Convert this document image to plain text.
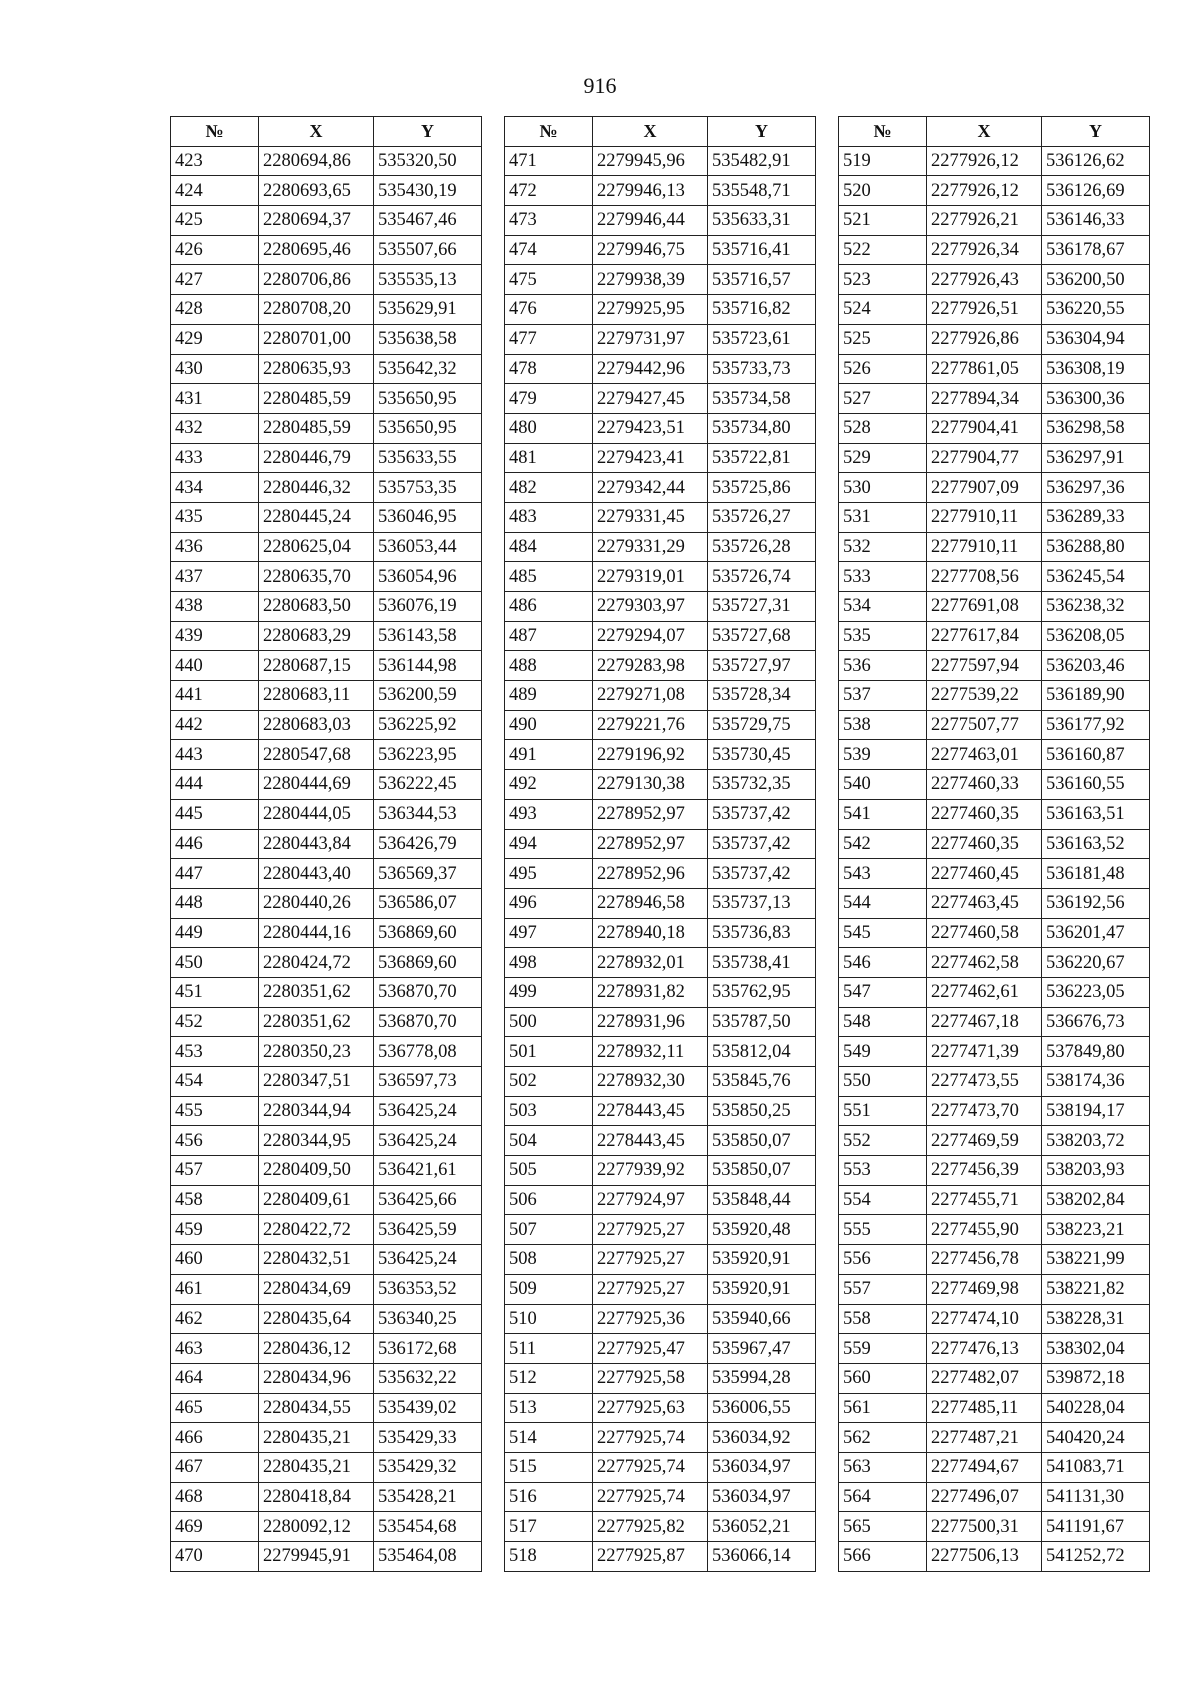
916
№	X	Y
423	2280694,86	535320,50
424	2280693,65	535430,19
425	2280694,37	535467,46
426	2280695,46	535507,66
427	2280706,86	535535,13
428	2280708,20	535629,91
429	2280701,00	535638,58
430	2280635,93	535642,32
431	2280485,59	535650,95
432	2280485,59	535650,95
433	2280446,79	535633,55
434	2280446,32	535753,35
435	2280445,24	536046,95
436	2280625,04	536053,44
437	2280635,70	536054,96
438	2280683,50	536076,19
439	2280683,29	536143,58
440	2280687,15	536144,98
441	2280683,11	536200,59
442	2280683,03	536225,92
443	2280547,68	536223,95
444	2280444,69	536222,45
445	2280444,05	536344,53
446	2280443,84	536426,79
447	2280443,40	536569,37
448	2280440,26	536586,07
449	2280444,16	536869,60
450	2280424,72	536869,60
451	2280351,62	536870,70
452	2280351,62	536870,70
453	2280350,23	536778,08
454	2280347,51	536597,73
455	2280344,94	536425,24
456	2280344,95	536425,24
457	2280409,50	536421,61
458	2280409,61	536425,66
459	2280422,72	536425,59
460	2280432,51	536425,24
461	2280434,69	536353,52
462	2280435,64	536340,25
463	2280436,12	536172,68
464	2280434,96	535632,22
465	2280434,55	535439,02
466	2280435,21	535429,33
467	2280435,21	535429,32
468	2280418,84	535428,21
469	2280092,12	535454,68
470	2279945,91	535464,08
№	X	Y
471	2279945,96	535482,91
472	2279946,13	535548,71
473	2279946,44	535633,31
474	2279946,75	535716,41
475	2279938,39	535716,57
476	2279925,95	535716,82
477	2279731,97	535723,61
478	2279442,96	535733,73
479	2279427,45	535734,58
480	2279423,51	535734,80
481	2279423,41	535722,81
482	2279342,44	535725,86
483	2279331,45	535726,27
484	2279331,29	535726,28
485	2279319,01	535726,74
486	2279303,97	535727,31
487	2279294,07	535727,68
488	2279283,98	535727,97
489	2279271,08	535728,34
490	2279221,76	535729,75
491	2279196,92	535730,45
492	2279130,38	535732,35
493	2278952,97	535737,42
494	2278952,97	535737,42
495	2278952,96	535737,42
496	2278946,58	535737,13
497	2278940,18	535736,83
498	2278932,01	535738,41
499	2278931,82	535762,95
500	2278931,96	535787,50
501	2278932,11	535812,04
502	2278932,30	535845,76
503	2278443,45	535850,25
504	2278443,45	535850,07
505	2277939,92	535850,07
506	2277924,97	535848,44
507	2277925,27	535920,48
508	2277925,27	535920,91
509	2277925,27	535920,91
510	2277925,36	535940,66
511	2277925,47	535967,47
512	2277925,58	535994,28
513	2277925,63	536006,55
514	2277925,74	536034,92
515	2277925,74	536034,97
516	2277925,74	536034,97
517	2277925,82	536052,21
518	2277925,87	536066,14
№	X	Y
519	2277926,12	536126,62
520	2277926,12	536126,69
521	2277926,21	536146,33
522	2277926,34	536178,67
523	2277926,43	536200,50
524	2277926,51	536220,55
525	2277926,86	536304,94
526	2277861,05	536308,19
527	2277894,34	536300,36
528	2277904,41	536298,58
529	2277904,77	536297,91
530	2277907,09	536297,36
531	2277910,11	536289,33
532	2277910,11	536288,80
533	2277708,56	536245,54
534	2277691,08	536238,32
535	2277617,84	536208,05
536	2277597,94	536203,46
537	2277539,22	536189,90
538	2277507,77	536177,92
539	2277463,01	536160,87
540	2277460,33	536160,55
541	2277460,35	536163,51
542	2277460,35	536163,52
543	2277460,45	536181,48
544	2277463,45	536192,56
545	2277460,58	536201,47
546	2277462,58	536220,67
547	2277462,61	536223,05
548	2277467,18	536676,73
549	2277471,39	537849,80
550	2277473,55	538174,36
551	2277473,70	538194,17
552	2277469,59	538203,72
553	2277456,39	538203,93
554	2277455,71	538202,84
555	2277455,90	538223,21
556	2277456,78	538221,99
557	2277469,98	538221,82
558	2277474,10	538228,31
559	2277476,13	538302,04
560	2277482,07	539872,18
561	2277485,11	540228,04
562	2277487,21	540420,24
563	2277494,67	541083,71
564	2277496,07	541131,30
565	2277500,31	541191,67
566	2277506,13	541252,72
